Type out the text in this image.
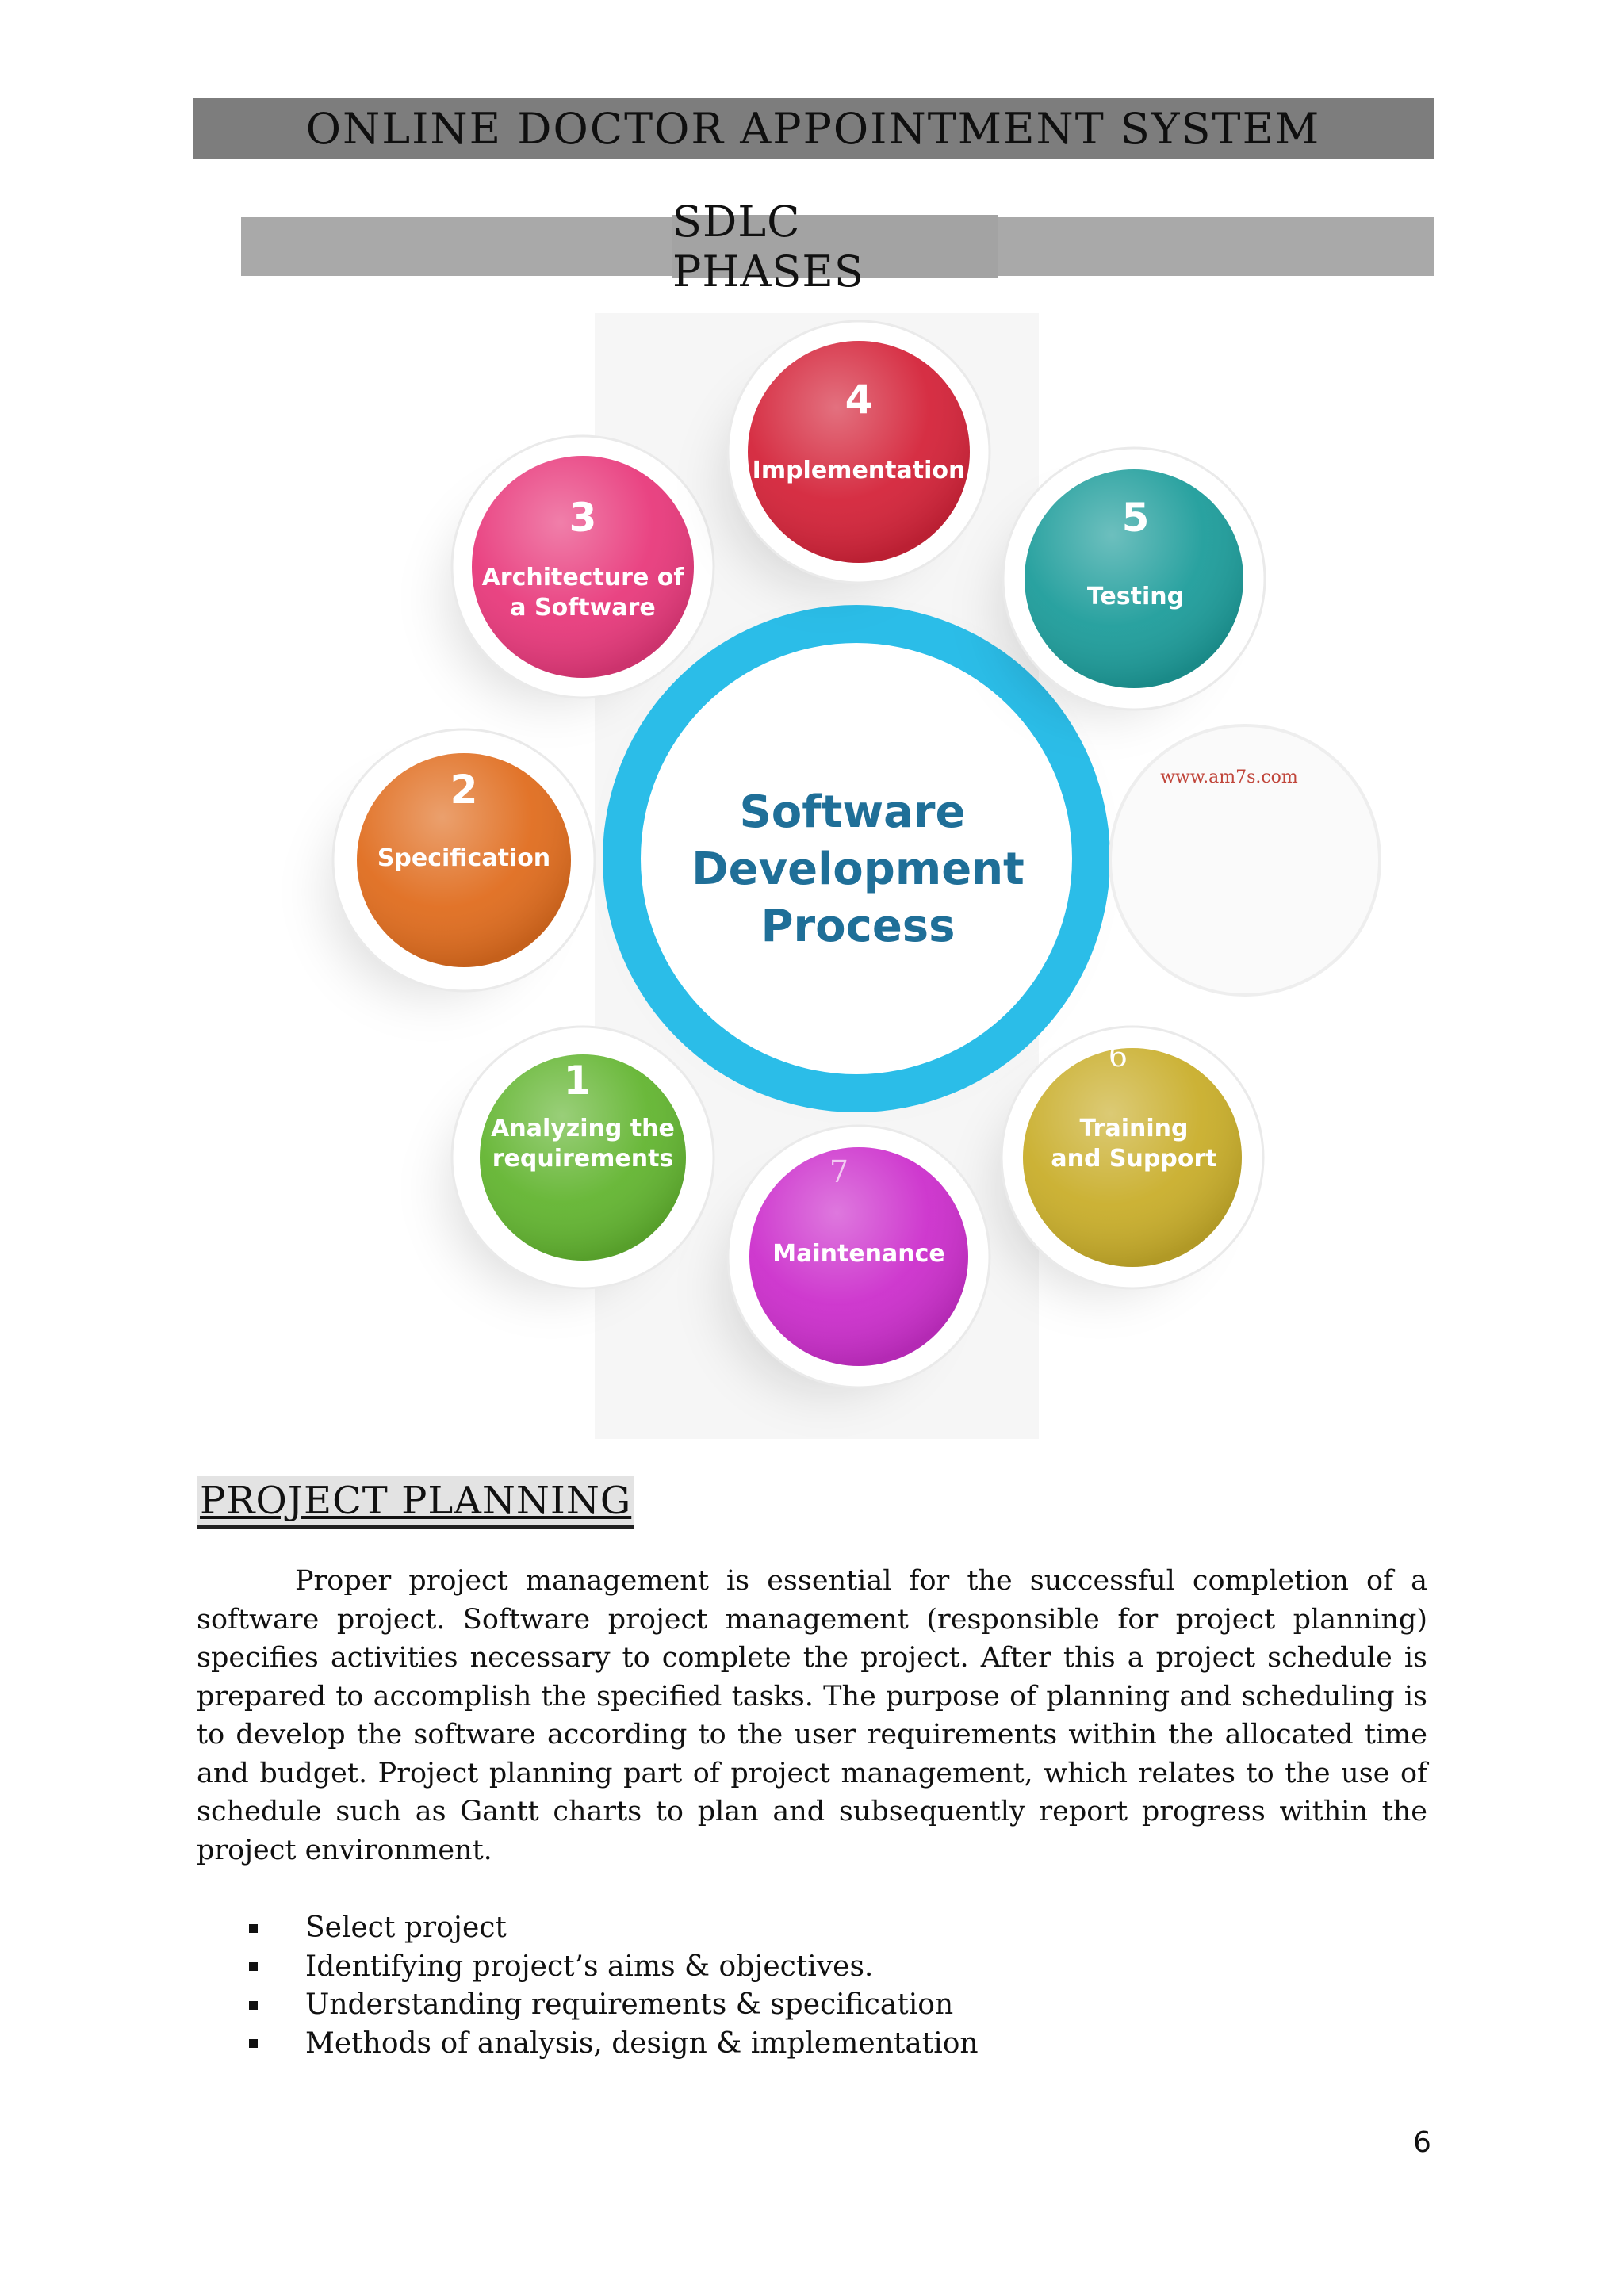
ONLINE DOCTOR APPOINTMENT SYSTEM
SDLC PHASES
Software
Development
Process
www.am7s.com
1
Analyzing the
requirements
2
Specification
3
Architecture of
a Software
4
Implementation
5
Testing
6
Training
and Support
7
Maintenance
PROJECT PLANNING

Proper project management is essential for the successful completion of a software project. Software project management (responsible for project planning) specifies activities necessary to complete the project. After this a project schedule is prepared to accomplish the specified tasks. The purpose of planning and scheduling is to develop the software according to the user requirements within the allocated time and budget. Project planning part of project management, which relates to the use of schedule such as Gantt charts to plan and subsequently report progress within the project environment.

Select project
Identifying project’s aims & objectives.
Understanding requirements & specification
Methods of analysis, design & implementation
6
